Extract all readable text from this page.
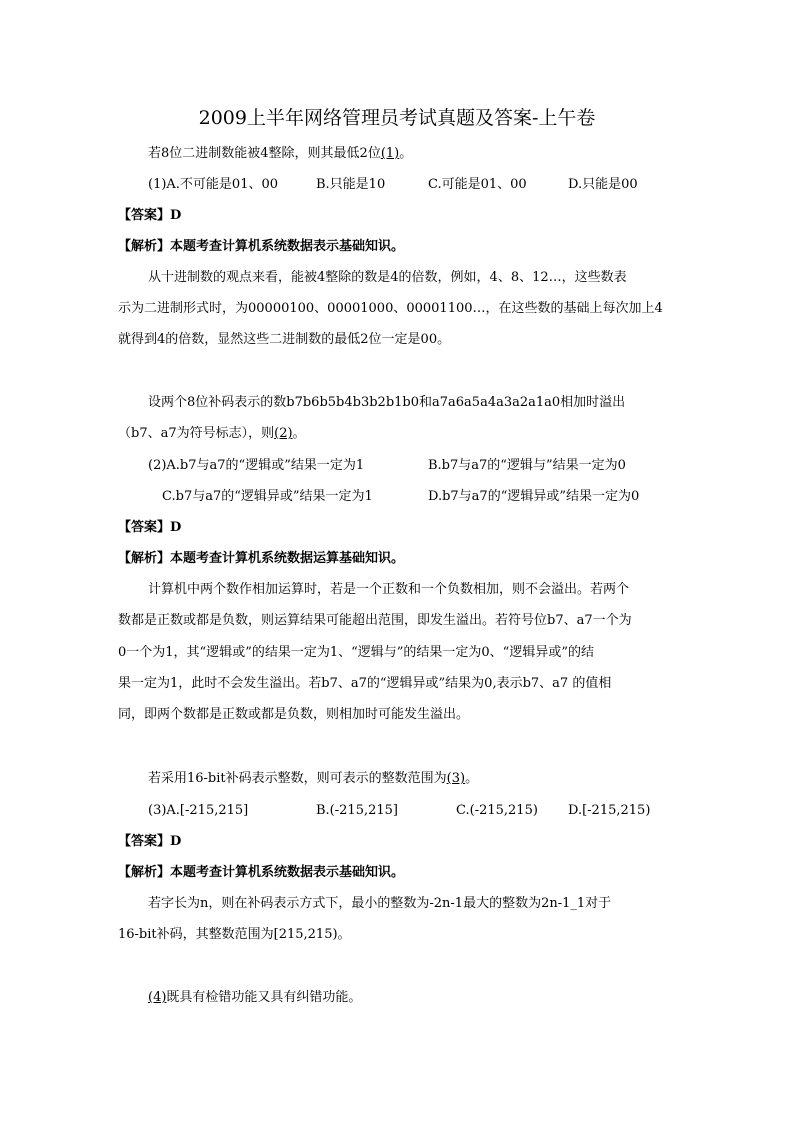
2009上半年网络管理员考试真题及答案-上午卷
若8位二进制数能被4整除，则其最低2位(1)。
(1)A.不可能是01、00	B.只能是10	C.可能是01、00	D.只能是00
【答案】D
【解析】本题考查计算机系统数据表示基础知识。
从十进制数的观点来看，能被4整除的数是4的倍数，例如，4、8、12…，这些数表
示为二进制形式时，为00000100、00001000、00001100…，在这些数的基础上每次加上4
就得到4的倍数，显然这些二进制数的最低2位一定是00。
设两个8位补码表示的数b7b6b5b4b3b2b1b0和a7a6a5a4a3a2a1a0相加时溢出
（b7、a7为符号标志），则(2)。
(2)A.b7与a7的“逻辑或”结果一定为1	B.b7与a7的“逻辑与”结果一定为0
C.b7与a7的“逻辑异或”结果一定为1	D.b7与a7的“逻辑异或”结果一定为0
【答案】D
【解析】本题考查计算机系统数据运算基础知识。
计算机中两个数作相加运算时，若是一个正数和一个负数相加，则不会溢出。若两个
数都是正数或都是负数，则运算结果可能超出范围，即发生溢出。若符号位b7、a7一个为
0一个为1，其“逻辑或”的结果一定为1、“逻辑与”的结果一定为0、“逻辑异或”的结
果一定为1，此时不会发生溢出。若b7、a7的“逻辑异或”结果为0,表示b7、a7 的值相
同，即两个数都是正数或都是负数，则相加时可能发生溢出。
若采用16-bit补码表示整数，则可表示的整数范围为(3)。
(3)A.[-215,215]	B.(-215,215]	C.(-215,215) D.[-215,215)
【答案】D
【解析】本题考查计算机系统数据表示基础知识。
若字长为n，则在补码表示方式下，最小的整数为-2n-1最大的整数为2n-1_1对于
16-bit补码，其整数范围为[215,215)。
(4)既具有检错功能又具有纠错功能。
